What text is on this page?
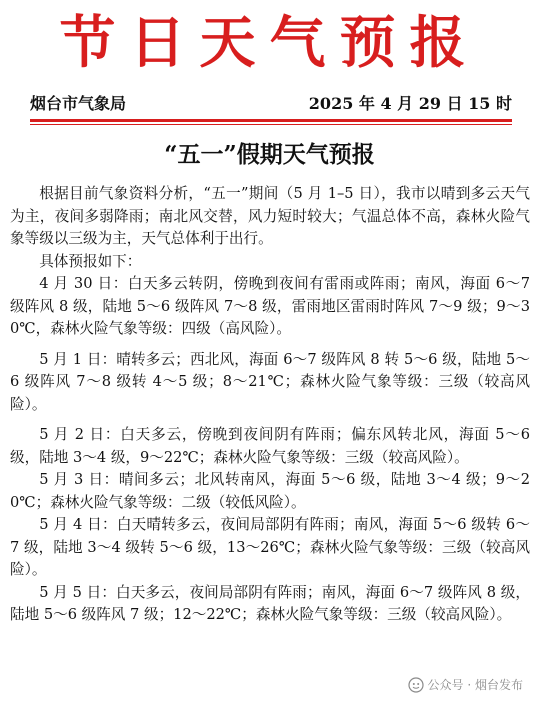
节日天气预报
烟台市气象局	2025 年 4 月 29 日 15 时
“五一”假期天气预报

根据目前气象资料分析，“五一”期间（5 月 1–5 日），我市以晴到多云天气为主，夜间多弱降雨；南北风交替，风力短时较大；气温总体不高，森林火险气象等级以三级为主，天气总体利于出行。

具体预报如下：

4 月 30 日：白天多云转阴，傍晚到夜间有雷雨或阵雨；南风，海面 6～7 级阵风 8 级，陆地 5～6 级阵风 7～8 级，雷雨地区雷雨时阵风 7～9 级；9～30℃，森林火险气象等级：四级（高风险）。

5 月 1 日：晴转多云；西北风，海面 6～7 级阵风 8 转 5～6 级，陆地 5～6 级阵风 7～8 级转 4～5 级；8～21℃；森林火险气象等级：三级（较高风险）。

5 月 2 日：白天多云，傍晚到夜间阴有阵雨；偏东风转北风，海面 5～6 级，陆地 3～4 级，9～22℃；森林火险气象等级：三级（较高风险）。

5 月 3 日：晴间多云；北风转南风，海面 5～6 级，陆地 3～4 级；9～20℃；森林火险气象等级：二级（较低风险）。

5 月 4 日：白天晴转多云，夜间局部阴有阵雨；南风，海面 5～6 级转 6～7 级，陆地 3～4 级转 5～6 级，13～26℃；森林火险气象等级：三级（较高风险）。

5 月 5 日：白天多云，夜间局部阴有阵雨；南风，海面 6～7 级阵风 8 级，陆地 5～6 级阵风 7 级；12～22℃；森林火险气象等级：三级（较高风险）。

公众号 · 烟台发布
